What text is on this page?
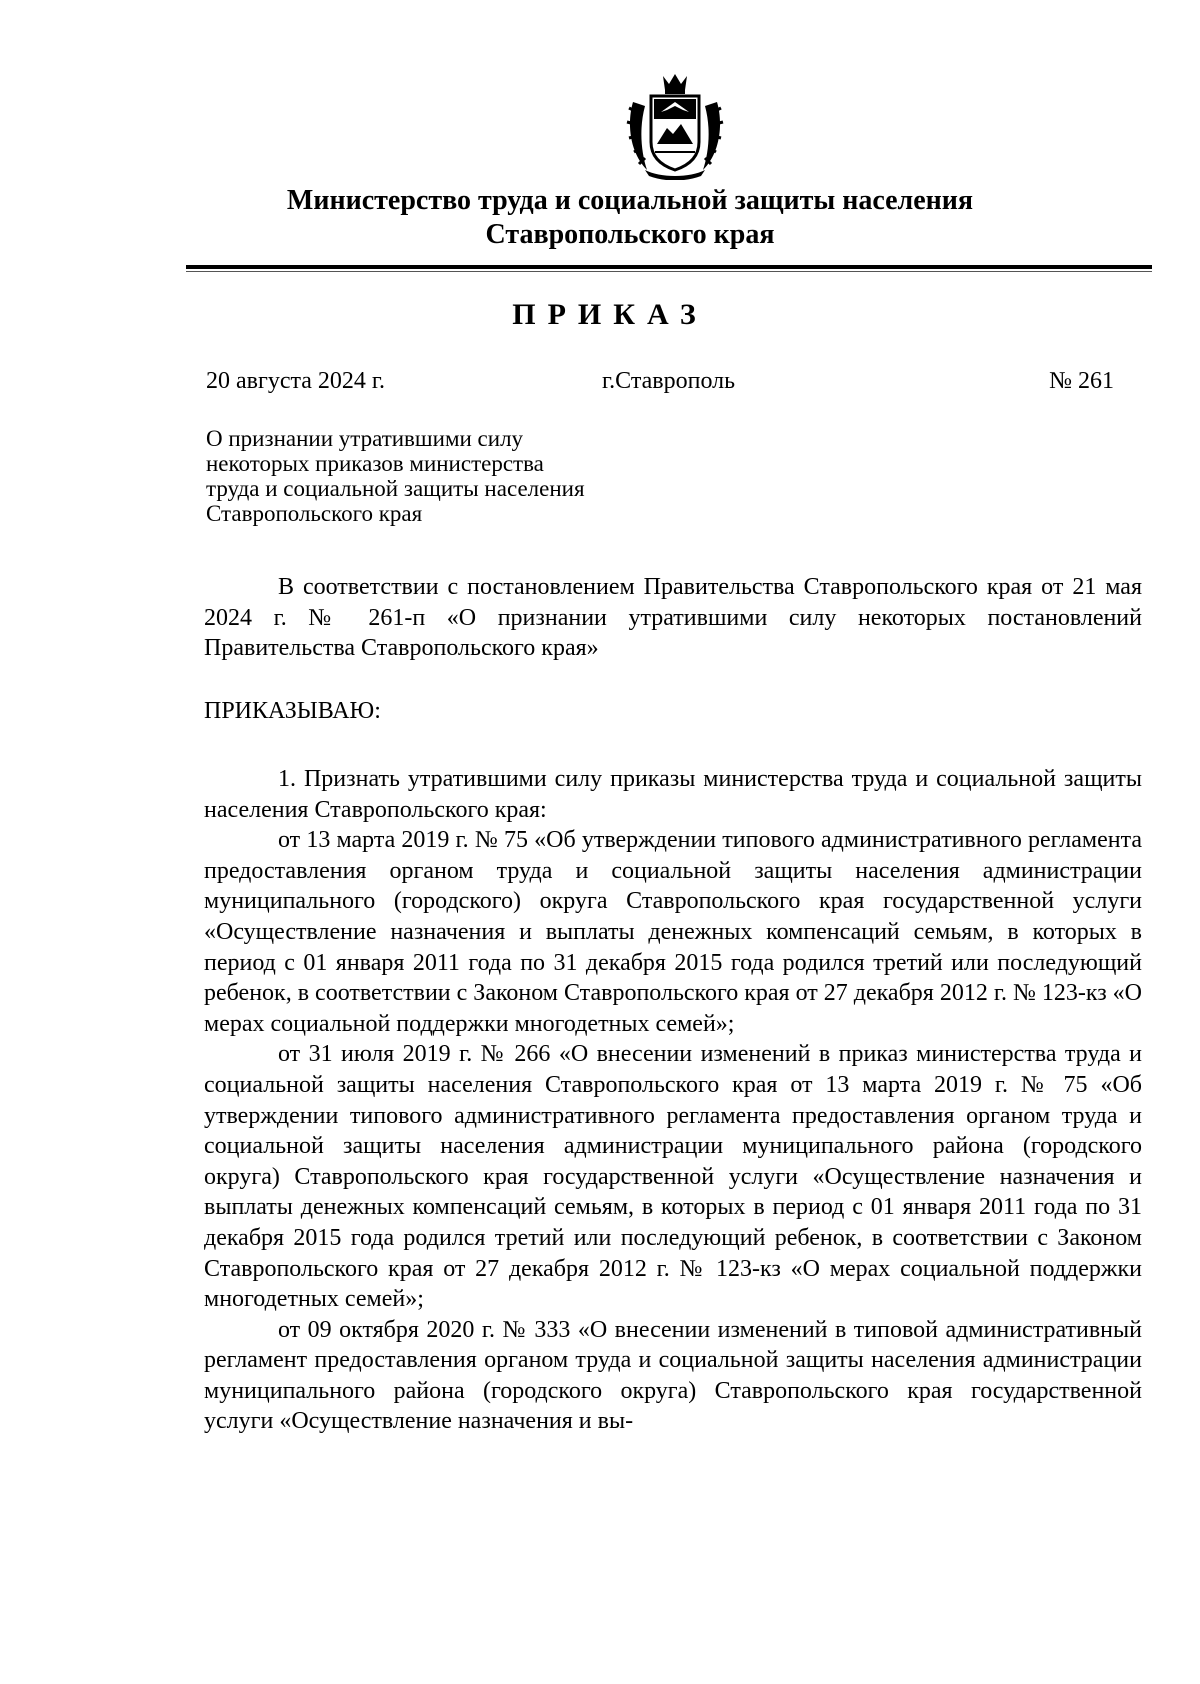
Министерство труда и социальной защиты населения
Ставропольского края
ПРИКАЗ
20 августа 2024 г.	г.Ставрополь	№ 261
О признании утратившими силу
некоторых приказов министерства
труда и социальной защиты населения
Ставропольского края

В соответствии с постановлением Правительства Ставропольского края от 21 мая 2024 г. № 261-п «О признании утратившими силу некоторых постановлений Правительства Ставропольского края»

ПРИКАЗЫВАЮ:

1. Признать утратившими силу приказы министерства труда и социальной защиты населения Ставропольского края:

от 13 марта 2019 г. № 75 «Об утверждении типового административного регламента предоставления органом труда и социальной защиты населения администрации муниципального (городского) округа Ставропольского края государственной услуги «Осуществление назначения и выплаты денежных компенсаций семьям, в которых в период с 01 января 2011 года по 31 декабря 2015 года родился третий или последующий ребенок, в соответствии с Законом Ставропольского края от 27 декабря 2012 г. № 123-кз «О мерах социальной поддержки многодетных семей»;

от 31 июля 2019 г. № 266 «О внесении изменений в приказ министерства труда и социальной защиты населения Ставропольского края от 13 марта 2019 г. № 75 «Об утверждении типового административного регламента предоставления органом труда и социальной защиты населения администрации муниципального района (городского округа) Ставропольского края государственной услуги «Осуществление назначения и выплаты денежных компенсаций семьям, в которых в период с 01 января 2011 года по 31 декабря 2015 года родился третий или последующий ребенок, в соответствии с Законом Ставропольского края от 27 декабря 2012 г. № 123-кз «О мерах социальной поддержки многодетных семей»;

от 09 октября 2020 г. № 333 «О внесении изменений в типовой административный регламент предоставления органом труда и социальной защиты населения администрации муниципального района (городского округа) Ставропольского края государственной услуги «Осуществление назначения и вы-
